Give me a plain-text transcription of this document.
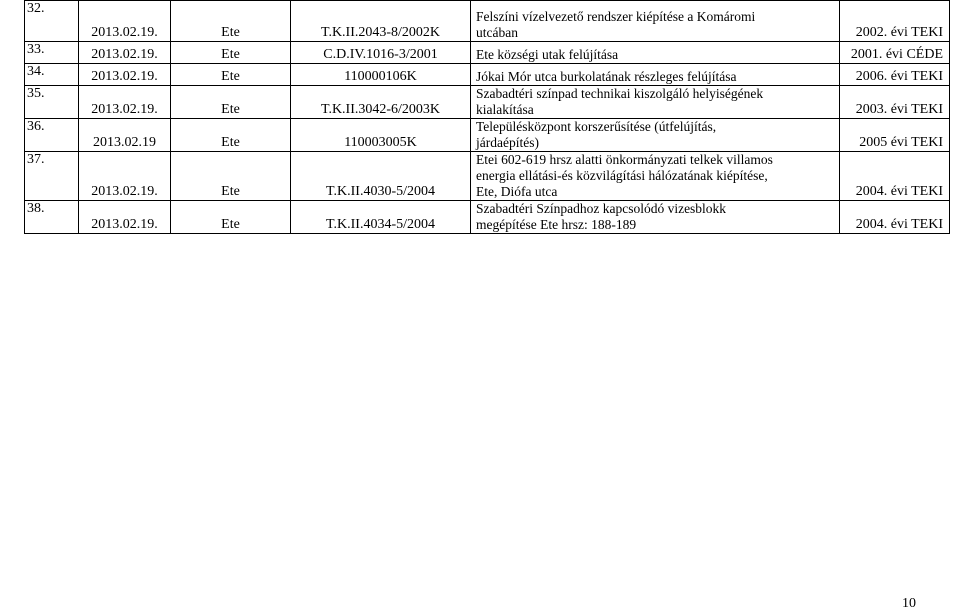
32.	2013.02.19.	Ete	T.K.II.2043-8/2002K	Felszíni vízelvezető rendszer kiépítése a Komáromi
utcában	2002. évi TEKI
33.	2013.02.19.	Ete	C.D.IV.1016-3/2001	Ete községi utak felújítása	2001. évi CÉDE
34.	2013.02.19.	Ete	110000106K	Jókai Mór utca burkolatának részleges felújítása	2006. évi TEKI
35.	2013.02.19.	Ete	T.K.II.3042-6/2003K	Szabadtéri színpad technikai kiszolgáló helyiségének
kialakítása	2003. évi TEKI
36.	2013.02.19	Ete	110003005K	Településközpont korszerűsítése (útfelújítás,
járdaépítés)	2005 évi TEKI
37.	2013.02.19.	Ete	T.K.II.4030-5/2004	Etei 602-619 hrsz alatti önkormányzati telkek villamos
energia ellátási-és közvilágítási hálózatának kiépítése,
Ete, Diófa utca	2004. évi TEKI
38.	2013.02.19.	Ete	T.K.II.4034-5/2004	Szabadtéri Színpadhoz kapcsolódó vizesblokk
megépítése Ete hrsz: 188-189	2004. évi TEKI
10
